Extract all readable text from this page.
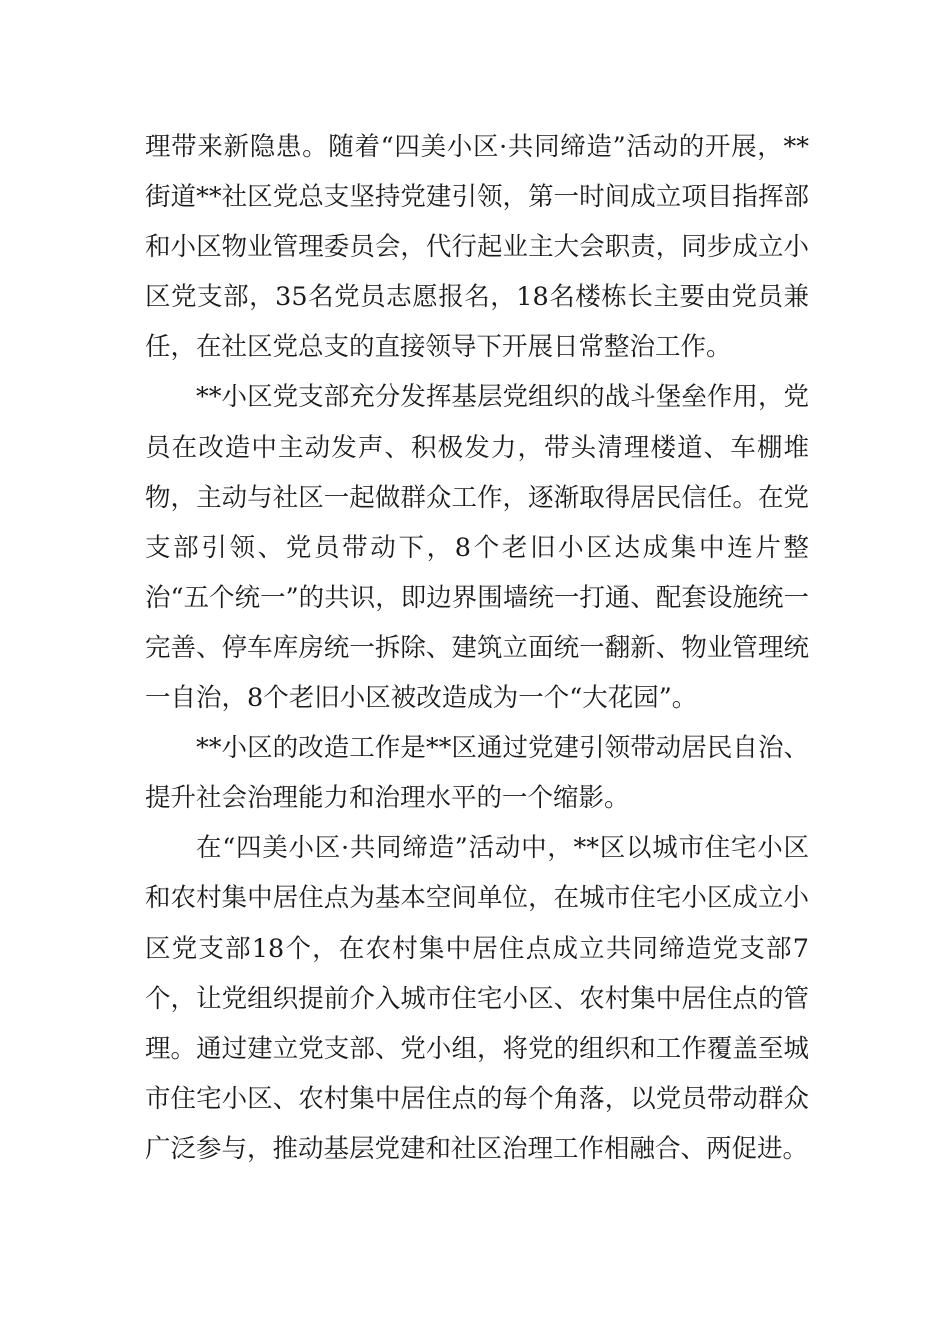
理带来新隐患。随着“四美小区·共同缔造”活动的开展，**街道**社区党总支坚持党建引领，第一时间成立项目指挥部和小区物业管理委员会，代行起业主大会职责，同步成立小区党支部，35名党员志愿报名，18名楼栋长主要由党员兼任，在社区党总支的直接领导下开展日常整治工作。

**小区党支部充分发挥基层党组织的战斗堡垒作用，党员在改造中主动发声、积极发力，带头清理楼道、车棚堆物，主动与社区一起做群众工作，逐渐取得居民信任。在党支部引领、党员带动下，8个老旧小区达成集中连片整治“五个统一”的共识，即边界围墙统一打通、配套设施统一完善、停车库房统一拆除、建筑立面统一翻新、物业管理统一自治，8个老旧小区被改造成为一个“大花园”。

**小区的改造工作是**区通过党建引领带动居民自治、提升社会治理能力和治理水平的一个缩影。

在“四美小区·共同缔造”活动中，**区以城市住宅小区和农村集中居住点为基本空间单位，在城市住宅小区成立小区党支部18个，在农村集中居住点成立共同缔造党支部7个，让党组织提前介入城市住宅小区、农村集中居住点的管理。通过建立党支部、党小组，将党的组织和工作覆盖至城市住宅小区、农村集中居住点的每个角落，以党员带动群众广泛参与，推动基层党建和社区治理工作相融合、两促进。
